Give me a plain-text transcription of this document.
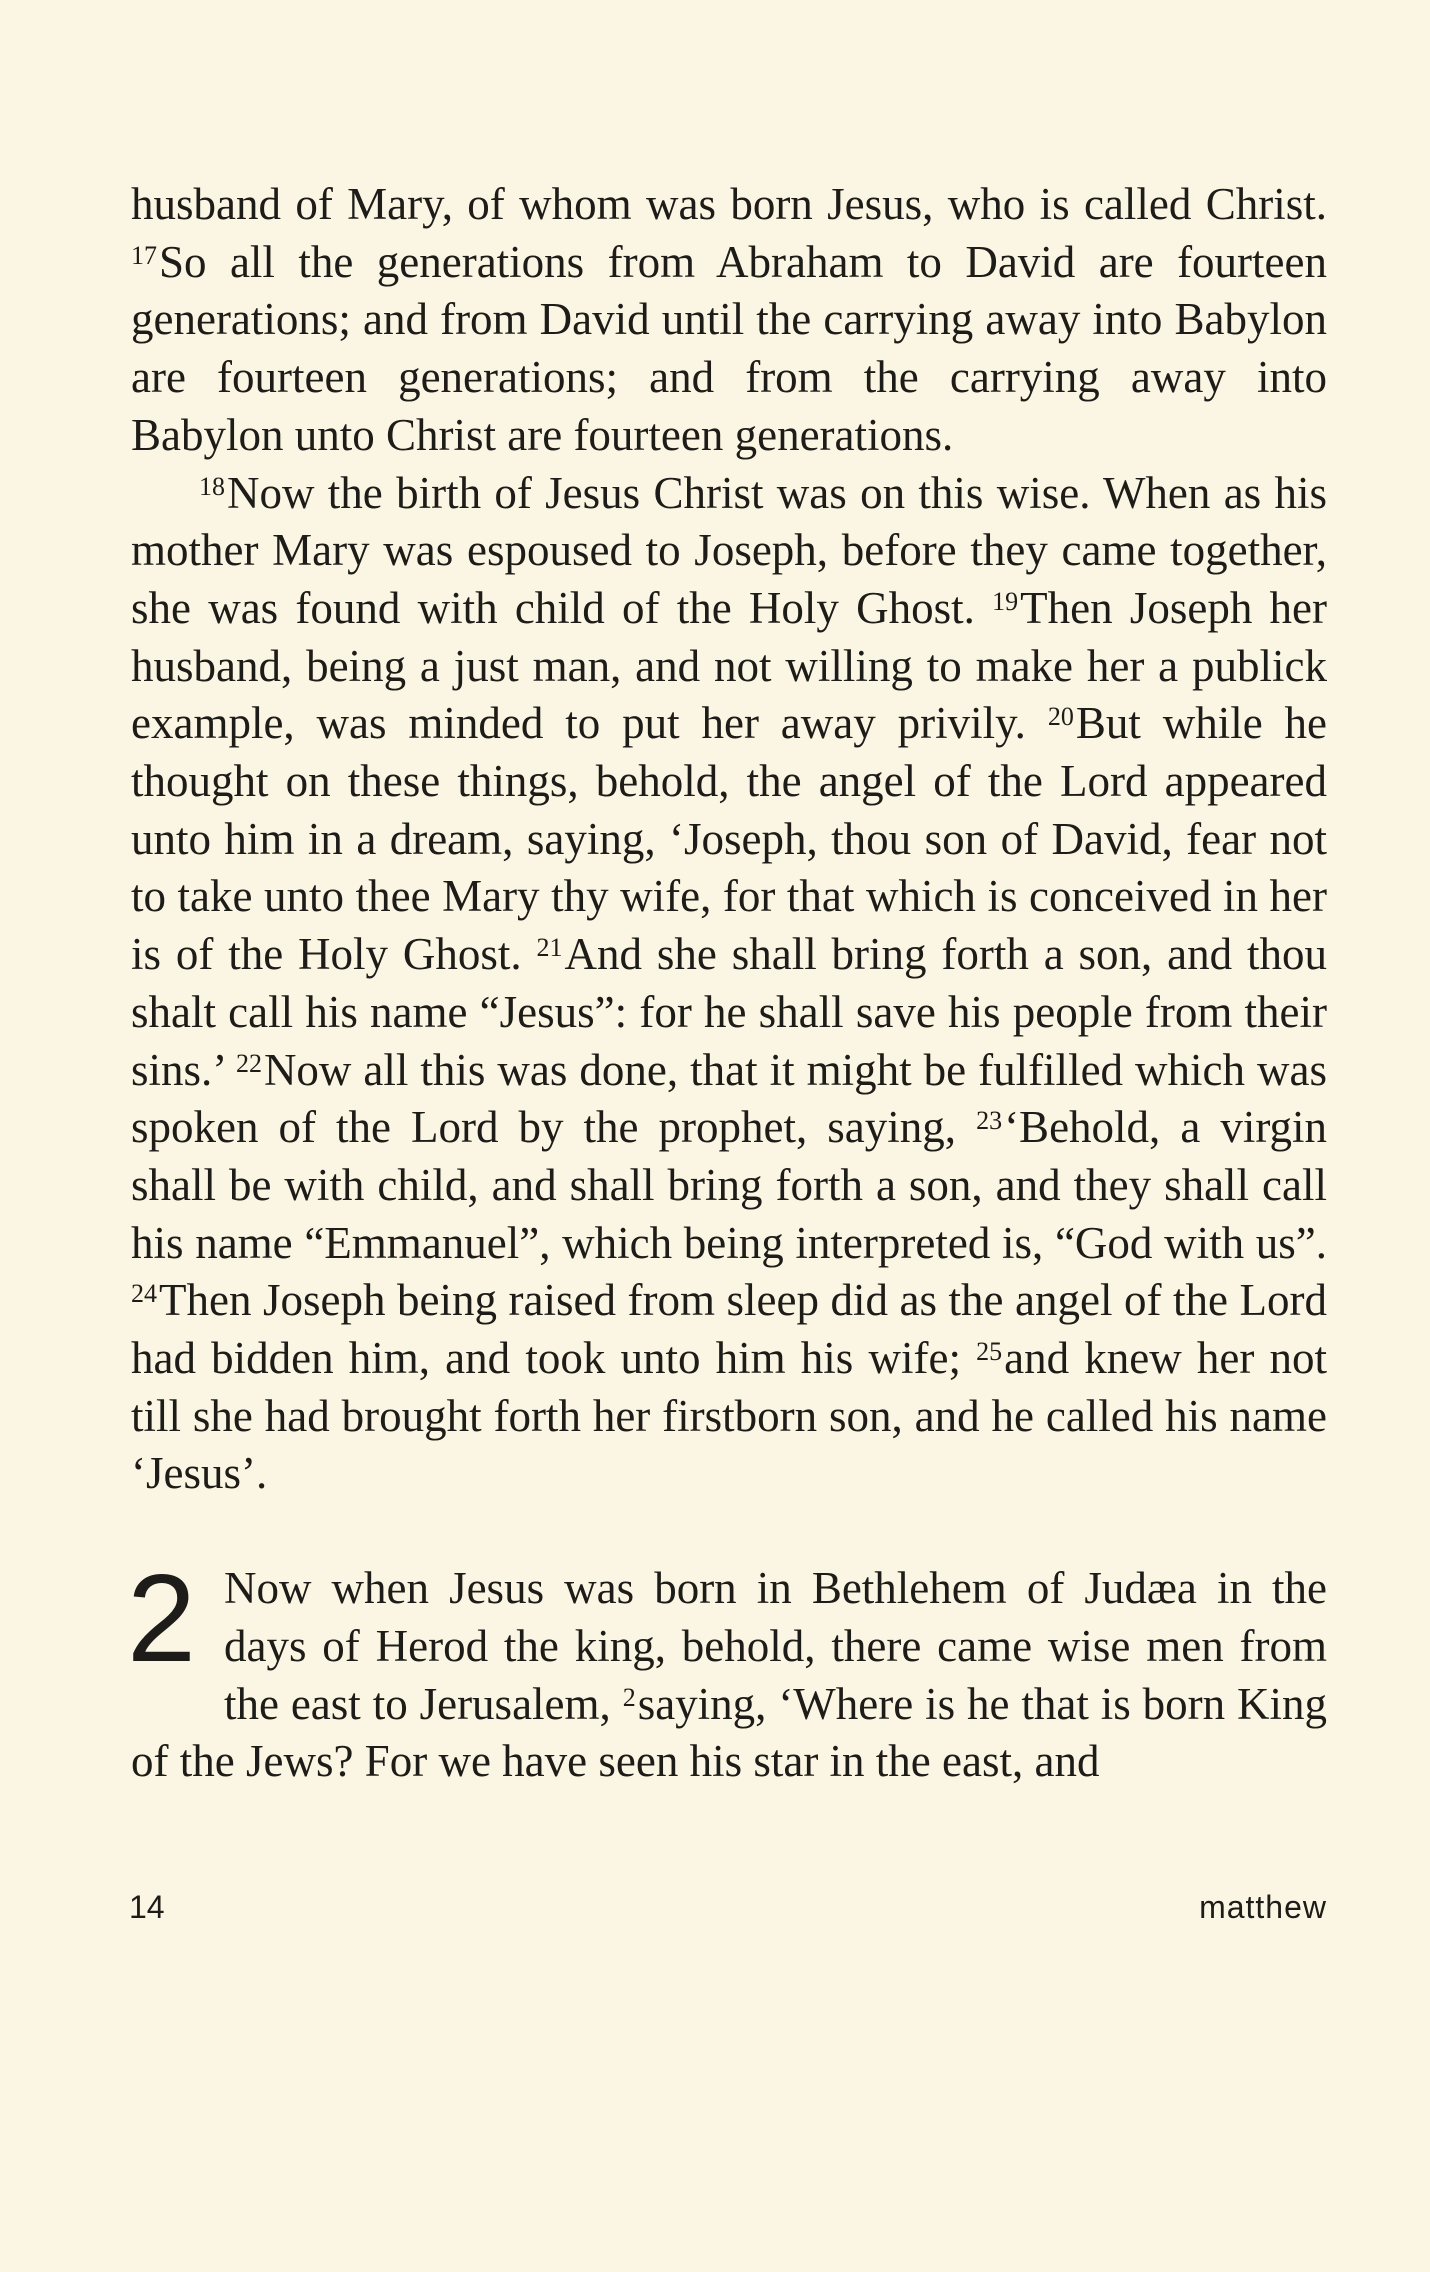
husband of Mary, of whom was born Jesus, who is called Christ. $^{17}$So all the generations from Abraham to David are fourteen generations; and from David until the carrying away into Babylon are fourteen generations; and from the carrying away into Babylon unto Christ are fourteen generations.

$^{18}$Now the birth of Jesus Christ was on this wise. When as his mother Mary was espoused to Joseph, before they came together, she was found with child of the Holy Ghost. $^{19}$Then Joseph her husband, being a just man, and not willing to make her a publick example, was minded to put her away privily. $^{20}$But while he thought on these things, behold, the angel of the Lord appeared unto him in a dream, saying, ‘Joseph, thou son of David, fear not to take unto thee Mary thy wife, for that which is conceived in her is of the Holy Ghost. $^{21}$And she shall bring forth a son, and thou shalt call his name “Jesus”: for he shall save his people from their sins.’ $^{22}$Now all this was done, that it might be fulfilled which was spoken of the Lord by the prophet, saying, $^{23}$‘Behold, a virgin shall be with child, and shall bring forth a son, and they shall call his name “Emmanuel”, which being interpreted is, “God with us”. $^{24}$Then Joseph being raised from sleep did as the angel of the Lord had bidden him, and took unto him his wife; $^{25}$and knew her not till she had brought forth her firstborn son, and he called his name ‘Jesus’.

2 Now when Jesus was born in Bethlehem of Judæa in the days of Herod the king, behold, there came wise men from the east to Jerusalem, $^2$saying, ‘Where is he that is born King of the Jews? For we have seen his star in the east, and

14	matthew
